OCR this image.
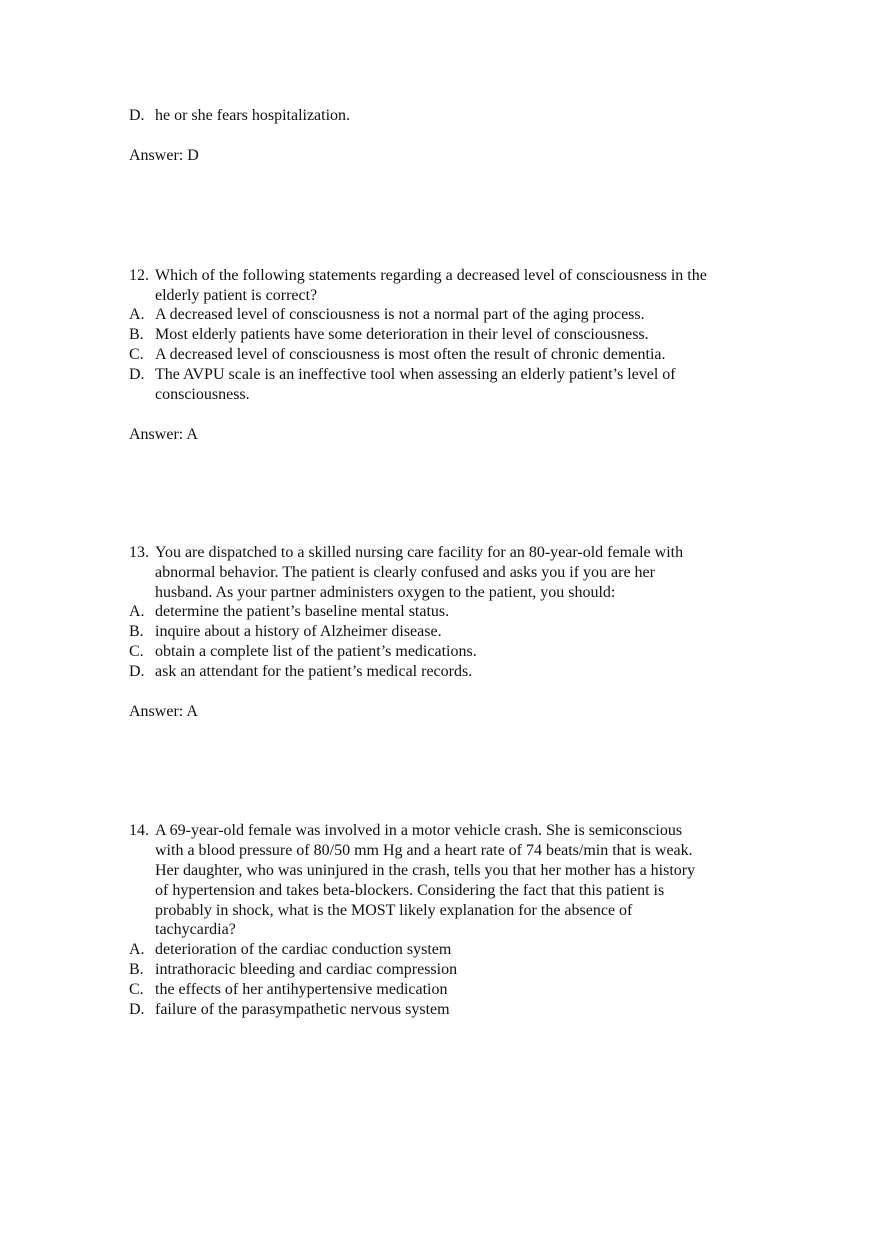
D. he or she fears hospitalization.
Answer: D
12. Which of the following statements regarding a decreased level of consciousness in the
elderly patient is correct?
A. A decreased level of consciousness is not a normal part of the aging process.
B. Most elderly patients have some deterioration in their level of consciousness.
C. A decreased level of consciousness is most often the result of chronic dementia.
D. The AVPU scale is an ineffective tool when assessing an elderly patient’s level of
consciousness.
Answer: A
13. You are dispatched to a skilled nursing care facility for an 80-year-old female with
abnormal behavior. The patient is clearly confused and asks you if you are her
husband. As your partner administers oxygen to the patient, you should:
A. determine the patient’s baseline mental status.
B. inquire about a history of Alzheimer disease.
C. obtain a complete list of the patient’s medications.
D. ask an attendant for the patient’s medical records.
Answer: A
14. A 69-year-old female was involved in a motor vehicle crash. She is semiconscious
with a blood pressure of 80/50 mm Hg and a heart rate of 74 beats/min that is weak.
Her daughter, who was uninjured in the crash, tells you that her mother has a history
of hypertension and takes beta-blockers. Considering the fact that this patient is
probably in shock, what is the MOST likely explanation for the absence of
tachycardia?
A. deterioration of the cardiac conduction system
B. intrathoracic bleeding and cardiac compression
C. the effects of her antihypertensive medication
D. failure of the parasympathetic nervous system
